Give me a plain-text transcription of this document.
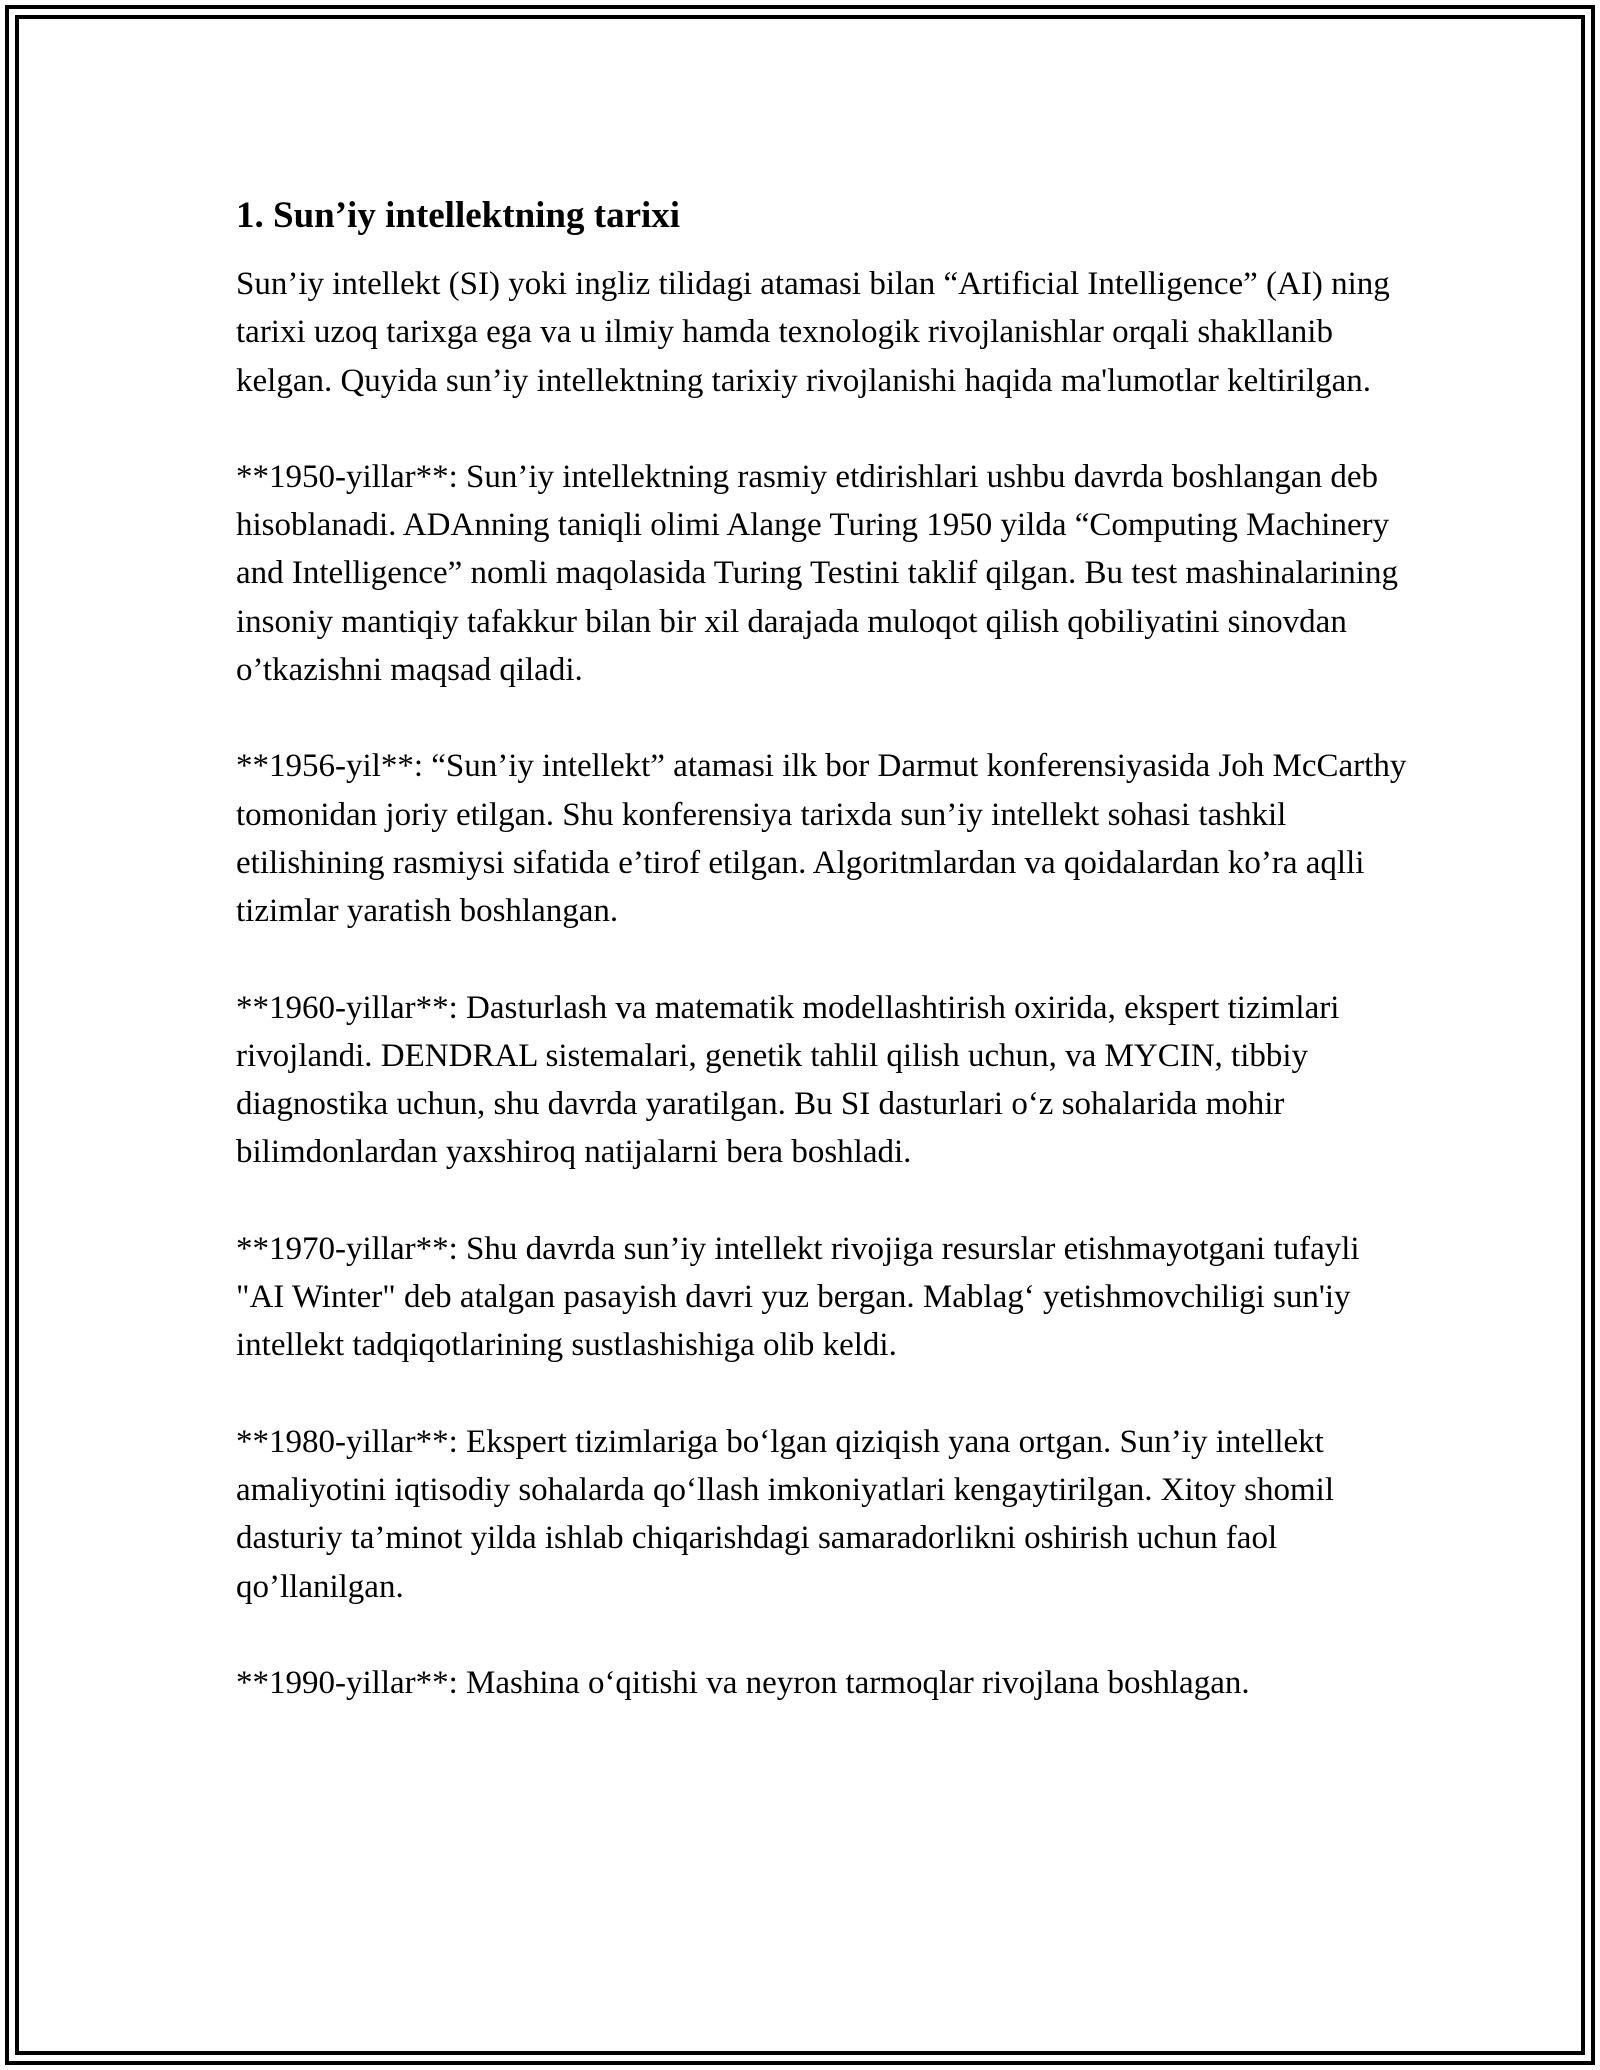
1. Sun’iy intellektning tarixi

Sun’iy intellekt (SI) yoki ingliz tilidagi atamasi bilan “Artificial Intelligence” (AI) ning tarixi uzoq tarixga ega va u ilmiy hamda texnologik rivojlanishlar orqali shakllanib kelgan. Quyida sun’iy intellektning tarixiy rivojlanishi haqida ma'lumotlar keltirilgan.

**1950-yillar**: Sun’iy intellektning rasmiy etdirishlari ushbu davrda boshlangan deb hisoblanadi. ADAnning taniqli olimi Alange Turing 1950 yilda “Computing Machinery and Intelligence” nomli maqolasida Turing Testini taklif qilgan. Bu test mashinalarining insoniy mantiqiy tafakkur bilan bir xil darajada muloqot qilish qobiliyatini sinovdan o’tkazishni maqsad qiladi.

**1956-yil**: “Sun’iy intellekt” atamasi ilk bor Darmut konferensiyasida Joh McCarthy tomonidan joriy etilgan. Shu konferensiya tarixda sun’iy intellekt sohasi tashkil etilishining rasmiysi sifatida e’tirof etilgan. Algoritmlardan va qoidalardan ko’ra aqlli tizimlar yaratish boshlangan.

**1960-yillar**: Dasturlash va matematik modellashtirish oxirida, ekspert tizimlari rivojlandi. DENDRAL sistemalari, genetik tahlil qilish uchun, va MYCIN, tibbiy diagnostika uchun, shu davrda yaratilgan. Bu SI dasturlari o‘z sohalarida mohir bilimdonlardan yaxshiroq natijalarni bera boshladi.

**1970-yillar**: Shu davrda sun’iy intellekt rivojiga resurslar etishmayotgani tufayli "AI Winter" deb atalgan pasayish davri yuz bergan. Mablag‘ yetishmovchiligi sun'iy intellekt tadqiqotlarining sustlashishiga olib keldi.

**1980-yillar**: Ekspert tizimlariga bo‘lgan qiziqish yana ortgan. Sun’iy intellekt amaliyotini iqtisodiy sohalarda qo‘llash imkoniyatlari kengaytirilgan. Xitoy shomil dasturiy ta’minot yilda ishlab chiqarishdagi samaradorlikni oshirish uchun faol qo’llanilgan.

**1990-yillar**: Mashina o‘qitishi va neyron tarmoqlar rivojlana boshlagan.
